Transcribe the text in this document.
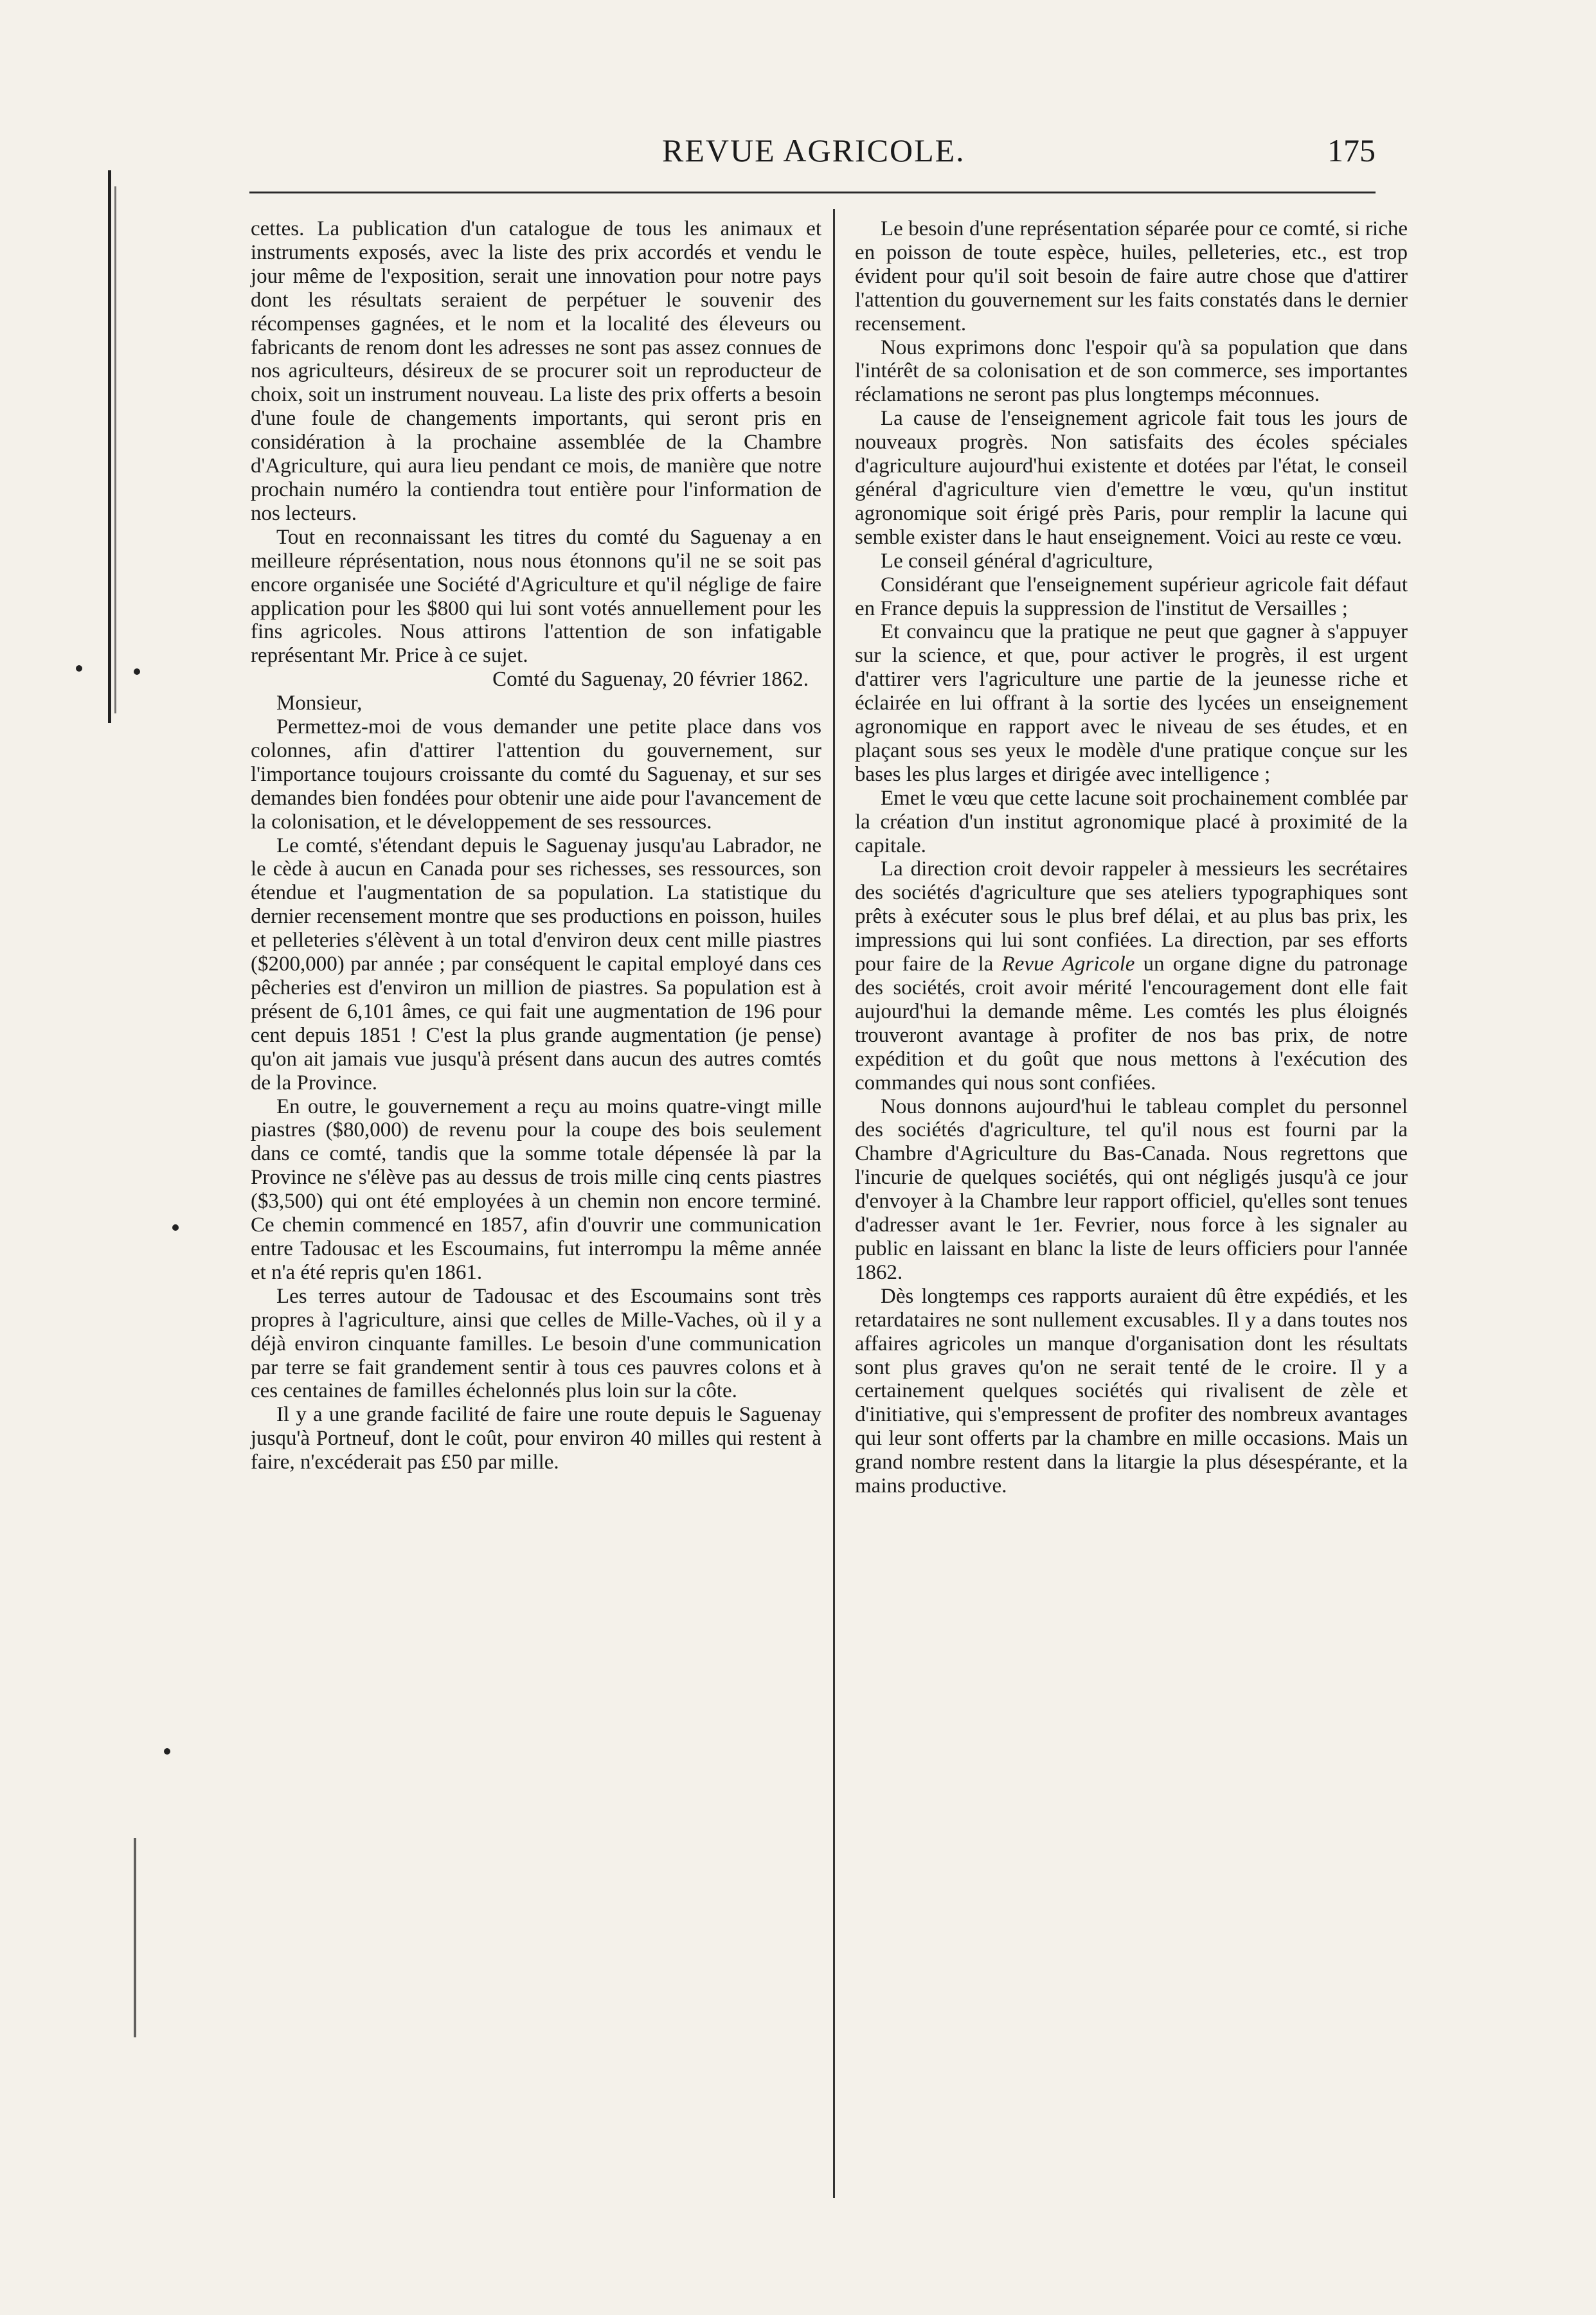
REVUE AGRICOLE.	175

cettes. La publication d'un catalogue de tous les animaux et instruments exposés, avec la liste des prix accordés et vendu le jour même de l'exposition, serait une innovation pour notre pays dont les résultats seraient de perpétuer le souvenir des récompenses gagnées, et le nom et la localité des éleveurs ou fabricants de renom dont les adresses ne sont pas assez connues de nos agriculteurs, désireux de se procurer soit un reproducteur de choix, soit un instrument nouveau. La liste des prix offerts a besoin d'une foule de changements importants, qui seront pris en considération à la prochaine assemblée de la Chambre d'Agriculture, qui aura lieu pendant ce mois, de manière que notre prochain numéro la contiendra tout entière pour l'information de nos lecteurs.

Tout en reconnaissant les titres du comté du Saguenay a en meilleure réprésentation, nous nous étonnons qu'il ne se soit pas encore organisée une Société d'Agriculture et qu'il néglige de faire application pour les $800 qui lui sont votés annuellement pour les fins agricoles. Nous attirons l'attention de son infatigable représentant Mr. Price à ce sujet.

Comté du Saguenay, 20 février 1862.

Monsieur,

Permettez-moi de vous demander une petite place dans vos colonnes, afin d'attirer l'attention du gouvernement, sur l'importance toujours croissante du comté du Saguenay, et sur ses demandes bien fondées pour obtenir une aide pour l'avancement de la colonisation, et le développement de ses ressources.

Le comté, s'étendant depuis le Saguenay jusqu'au Labrador, ne le cède à aucun en Canada pour ses richesses, ses ressources, son étendue et l'augmentation de sa population. La statistique du dernier recensement montre que ses productions en poisson, huiles et pelleteries s'élèvent à un total d'environ deux cent mille piastres ($200,000) par année ; par conséquent le capital employé dans ces pêcheries est d'environ un million de piastres. Sa population est à présent de 6,101 âmes, ce qui fait une augmentation de 196 pour cent depuis 1851 ! C'est la plus grande augmentation (je pense) qu'on ait jamais vue jusqu'à présent dans aucun des autres comtés de la Province.

En outre, le gouvernement a reçu au moins quatre-vingt mille piastres ($80,000) de revenu pour la coupe des bois seulement dans ce comté, tandis que la somme totale dépensée là par la Province ne s'élève pas au dessus de trois mille cinq cents piastres ($3,500) qui ont été employées à un chemin non encore terminé. Ce chemin commencé en 1857, afin d'ouvrir une communication entre Tadousac et les Escoumains, fut interrompu la même année et n'a été repris qu'en 1861.

Les terres autour de Tadousac et des Escoumains sont très propres à l'agriculture, ainsi que celles de Mille-Vaches, où il y a déjà environ cinquante familles. Le besoin d'une communication par terre se fait grandement sentir à tous ces pauvres colons et à ces centaines de familles échelonnés plus loin sur la côte.

Il y a une grande facilité de faire une route depuis le Saguenay jusqu'à Portneuf, dont le coût, pour environ 40 milles qui restent à faire, n'excéderait pas £50 par mille.

Le besoin d'une représentation séparée pour ce comté, si riche en poisson de toute espèce, huiles, pelleteries, etc., est trop évident pour qu'il soit besoin de faire autre chose que d'attirer l'attention du gouvernement sur les faits constatés dans le dernier recensement.

Nous exprimons donc l'espoir qu'à sa population que dans l'intérêt de sa colonisation et de son commerce, ses importantes réclamations ne seront pas plus longtemps méconnues.

La cause de l'enseignement agricole fait tous les jours de nouveaux progrès. Non satisfaits des écoles spéciales d'agriculture aujourd'hui existente et dotées par l'état, le conseil général d'agriculture vien d'emettre le vœu, qu'un institut agronomique soit érigé près Paris, pour remplir la lacune qui semble exister dans le haut enseignement. Voici au reste ce vœu.

Le conseil général d'agriculture,

Considérant que l'enseignement supérieur agricole fait défaut en France depuis la suppression de l'institut de Versailles ;

Et convaincu que la pratique ne peut que gagner à s'appuyer sur la science, et que, pour activer le progrès, il est urgent d'attirer vers l'agriculture une partie de la jeunesse riche et éclairée en lui offrant à la sortie des lycées un enseignement agronomique en rapport avec le niveau de ses études, et en plaçant sous ses yeux le modèle d'une pratique conçue sur les bases les plus larges et dirigée avec intelligence ;

Emet le vœu que cette lacune soit prochainement comblée par la création d'un institut agronomique placé à proximité de la capitale.

La direction croit devoir rappeler à messieurs les secrétaires des sociétés d'agriculture que ses ateliers typographiques sont prêts à exécuter sous le plus bref délai, et au plus bas prix, les impressions qui lui sont confiées. La direction, par ses efforts pour faire de la Revue Agricole un organe digne du patronage des sociétés, croit avoir mérité l'encouragement dont elle fait aujourd'hui la demande même. Les comtés les plus éloignés trouveront avantage à profiter de nos bas prix, de notre expédition et du goût que nous mettons à l'exécution des commandes qui nous sont confiées.

Nous donnons aujourd'hui le tableau complet du personnel des sociétés d'agriculture, tel qu'il nous est fourni par la Chambre d'Agriculture du Bas-Canada. Nous regrettons que l'incurie de quelques sociétés, qui ont négligés jusqu'à ce jour d'envoyer à la Chambre leur rapport officiel, qu'elles sont tenues d'adresser avant le 1er. Fevrier, nous force à les signaler au public en laissant en blanc la liste de leurs officiers pour l'année 1862.

Dès longtemps ces rapports auraient dû être expédiés, et les retardataires ne sont nullement excusables. Il y a dans toutes nos affaires agricoles un manque d'organisation dont les résultats sont plus graves qu'on ne serait tenté de le croire. Il y a certainement quelques sociétés qui rivalisent de zèle et d'initiative, qui s'empressent de profiter des nombreux avantages qui leur sont offerts par la chambre en mille occasions. Mais un grand nombre restent dans la litargie la plus désespérante, et la mains productive.
